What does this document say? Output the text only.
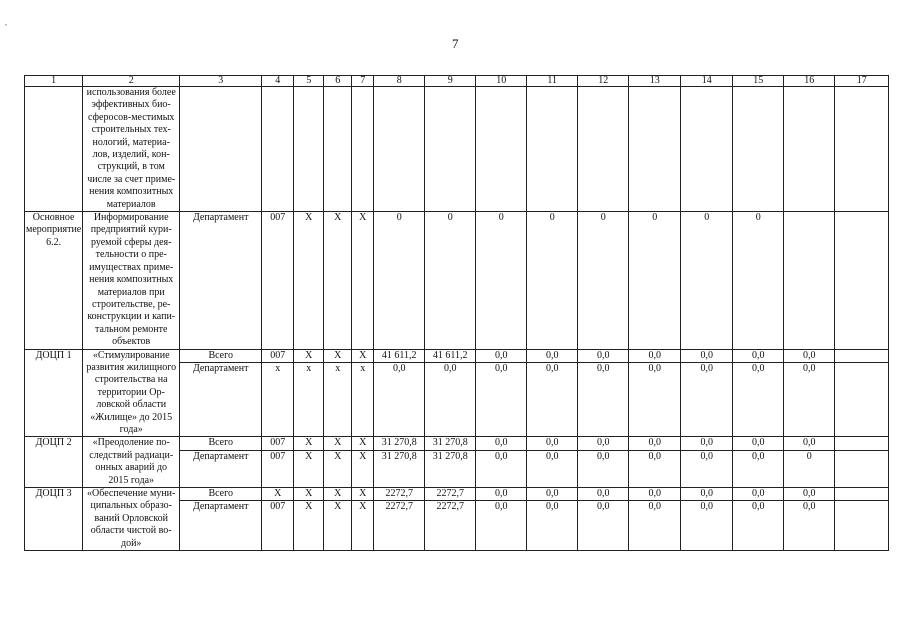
,
7
1	2	3	4	5	6	7	8	9	10	11	12	13	14	15	16	17
	использования более эффективных био-сферосов-местимых строительных тех-нологий, материа-лов, изделий, кон-струкций, в том числе за счет приме-нения композитных материалов															
Основное мероприятие 6.2.	Информирование предприятий кури-руемой сферы дея-тельности о пре-имуществах приме-нения композитных материалов при строительстве, ре-конструкции и капи-тальном ремонте объектов	Департамент	007	X	X	X	0	0	0	0	0	0	0	0		
ДОЦП 1	«Стимулирование развития жилищного строительства на территории Ор-ловской области «Жилище» до 2015 года»	Всего	007	X	X	X	41 611,2	41 611,2	0,0	0,0	0,0	0,0	0,0	0,0	0,0	
		Департамент	x	x	x	x	0,0	0,0	0,0	0,0	0,0	0,0	0,0	0,0	0,0	
ДОЦП 2	«Преодоление по-следствий радиаци-онных аварий до 2015 года»	Всего	007	X	X	X	31 270,8	31 270,8	0,0	0,0	0,0	0,0	0,0	0,0	0,0	
		Департамент	007	X	X	X	31 270,8	31 270,8	0,0	0,0	0,0	0,0	0,0	0,0	0	
ДОЦП 3	«Обеспечение муни-ципальных образо-ваний Орловской области чистой во-дой»	Всего	X	X	X	X	2272,7	2272,7	0,0	0,0	0,0	0,0	0,0	0,0	0,0	
		Департамент	007	X	X	X	2272,7	2272,7	0,0	0,0	0,0	0,0	0,0	0,0	0,0	
